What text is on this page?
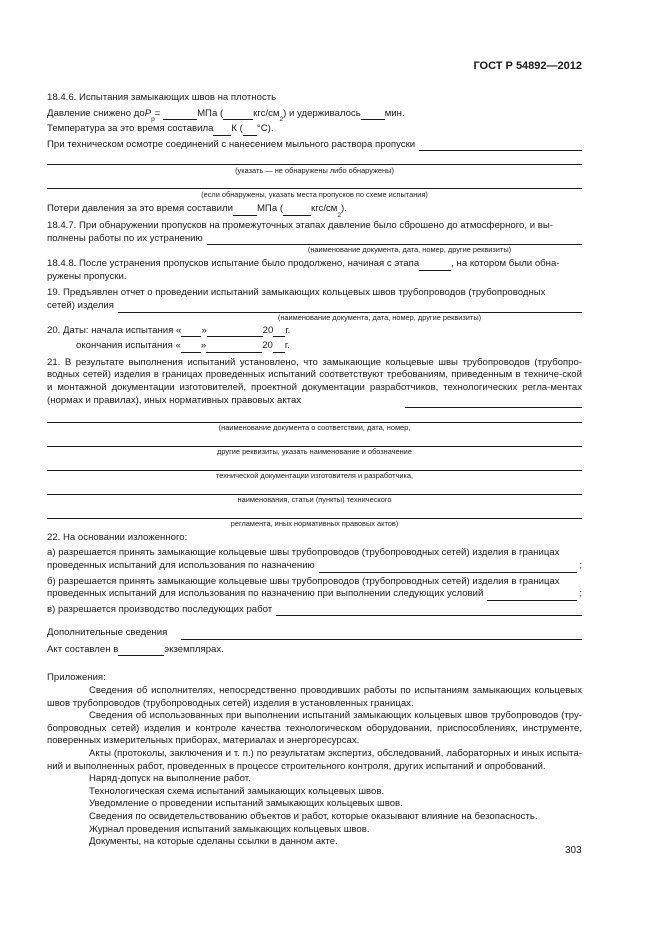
ГОСТ Р 54892—2012

18.4.6. Испытания замыкающих швов на плотность

Давление снижено до P
р
=
	МПа (	кгс/см
2
) и удерживалось	мин.
Температура за это время составила К ( °С).
При техническом осмотре соединений с нанесением мыльного раствора пропуски
(указать — не обнаружены либо обнаружены)
(если обнаружены, указать места пропусков по схеме испытания)
Потери давления за это время составили	МПа (	кгс/см
2
).

18.4.7. При обнаружении пропусков на промежуточных этапах давление было сброшено до атмосферного, и вы-

полнены работы по их устранению
(наименование документа, дата, номер, другие реквизиты)
18.4.8. После устранения пропусков испытание было продолжено, начиная с этапа	, на котором были обна-

ружены пропуски.

19. Предъявлен отчет о проведении испытаний замыкающих кольцевых швов трубопроводов (трубопроводных

сетей) изделия
(наименование документа, дата, номер, другие реквизиты)
20. Даты: начала испытания « »	20 г.
окончания испытания « »	20 г.

21. В результате выполнения испытаний установлено, что замыкающие кольцевые швы трубопроводов (трубопро-водных сетей) изделия в границах проведенных испытаний соответствуют требованиям, приведенным в техниче-ской и монтажной документации изготовителей, проектной документации разработчиков, технологических регла-ментах (нормах и правилах), иных нормативных правовых актах

(наименование документа о соответствии, дата, номер,
другие реквизиты, указать наименование и обозначение
технической документации изготовителя и разработчика,
наименования, статьи (пункты) технического
регламента, иных нормативных правовых актов)

22. На основании изложенного:

а) разрешается принять замыкающие кольцевые швы трубопроводов (трубопроводных сетей) изделия в границах

проведенных испытаний для использования по назначению	;

б) разрешается принять замыкающие кольцевые швы трубопроводов (трубопроводных сетей) изделия в границах

проведенных испытаний для использования по назначению при выполнении следующих условий	;
в) разрешается производство последующих работ
Дополнительные сведения
Акт составлен в	экземплярах.

Приложения:

Сведения об исполнителях, непосредственно проводивших работы по испытаниям замыкающих кольцевых швов трубопроводов (трубопроводных сетей) изделия в установленных границах.

Сведения об использованных при выполнении испытаний замыкающих кольцевых швов трубопроводов (тру-бопроводных сетей) изделия и контроле качества технологическом оборудовании, приспособлениях, инструменте, поверенных измерительных приборах, материалах и энергоресурсах.

Акты (протоколы, заключения и т. п.) по результатам экспертиз, обследований, лабораторных и иных испыта-ний и выполненных работ, проведенных в процессе строительного контроля, других испытаний и опробований.

Наряд-допуск на выполнение работ.

Технологическая схема испытаний замыкающих кольцевых швов.

Уведомление о проведении испытаний замыкающих кольцевых швов.

Сведения по освидетельствованию объектов и работ, которые оказывают влияние на безопасность.

Журнал проведения испытаний замыкающих кольцевых швов.

Документы, на которые сделаны ссылки в данном акте.

303
